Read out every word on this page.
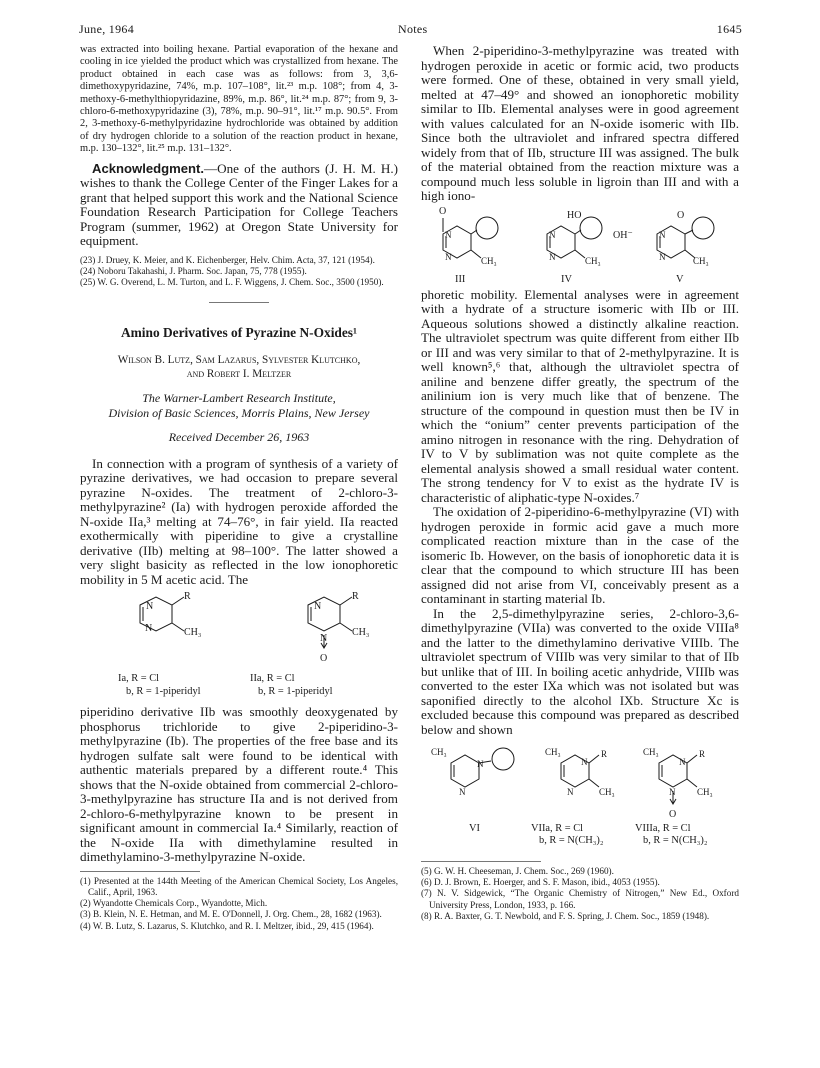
June, 1964	Notes	1645

was extracted into boiling hexane. Partial evaporation of the hexane and cooling in ice yielded the product which was crystallized from hexane. The product obtained in each case was as follows: from 3, 3,6-dimethoxypyridazine, 74%, m.p. 107–108°, lit.²³ m.p. 108°; from 4, 3-methoxy-6-methylthiopyridazine, 89%, m.p. 86°, lit.²⁴ m.p. 87°; from 9, 3-chloro-6-methoxypyridazine (3), 78%, m.p. 90–91°, lit.¹⁷ m.p. 90.5°. From 2, 3-methoxy-6-methylpyridazine hydrochloride was obtained by addition of dry hydrogen chloride to a solution of the reaction product in hexane, m.p. 130–132°, lit.²⁵ m.p. 131–132°.

Acknowledgment.—One of the authors (J. H. M. H.) wishes to thank the College Center of the Finger Lakes for a grant that helped support this work and the National Science Foundation Research Participation for College Teachers Program (summer, 1962) at Oregon State University for equipment.

(23) J. Druey, K. Meier, and K. Eichenberger, Helv. Chim. Acta, 37, 121 (1954).

(24) Noboru Takahashi, J. Pharm. Soc. Japan, 75, 778 (1955).

(25) W. G. Overend, L. M. Turton, and L. F. Wiggens, J. Chem. Soc., 3500 (1950).

Amino Derivatives of Pyrazine N-Oxides¹

Wilson B. Lutz, Sam Lazarus, Sylvester Klutchko,

and Robert I. Meltzer

The Warner-Lambert Research Institute,

Division of Basic Sciences, Morris Plains, New Jersey

Received December 26, 1963

In connection with a program of synthesis of a variety of pyrazine derivatives, we had occasion to prepare several pyrazine N-oxides. The treatment of 2-chloro-3-methylpyrazine² (Ia) with hydrogen peroxide afforded the N-oxide IIa,³ melting at 74–76°, in fair yield. IIa reacted exothermically with piperidine to give a crystalline derivative (IIb) melting at 98–100°. The latter showed a very slight basicity as reflected in the low ionophoretic mobility in 5 M acetic acid. The

N
R
N	CH₃
N
R
N
CH₃
O
Ia, R = Cl
b, R = 1-piperidyl
IIa, R = Cl
b, R = 1-piperidyl

piperidino derivative IIb was smoothly deoxygenated by phosphorus trichloride to give 2-piperidino-3-methylpyrazine (Ib). The properties of the free base and its hydrogen sulfate salt were found to be identical with authentic materials prepared by a different route.⁴ This shows that the N-oxide obtained from commercial 2-chloro-3-methylpyrazine has structure IIa and is not derived from 2-chloro-6-methylpyrazine known to be present in significant amount in commercial Ia.⁴ Similarly, reaction of the N-oxide IIa with dimethylamine resulted in dimethylamino-3-methylpyrazine N-oxide.

(1) Presented at the 144th Meeting of the American Chemical Society, Los Angeles, Calif., April, 1963.

(2) Wyandotte Chemicals Corp., Wyandotte, Mich.

(3) B. Klein, N. E. Hetman, and M. E. O'Donnell, J. Org. Chem., 28, 1682 (1963).

(4) W. B. Lutz, S. Lazarus, S. Klutchko, and R. I. Meltzer, ibid., 29, 415 (1964).

When 2-piperidino-3-methylpyrazine was treated with hydrogen peroxide in acetic or formic acid, two products were formed. One of these, obtained in very small yield, melted at 47–49° and showed an ionophoretic mobility similar to IIb. Elemental analyses were in good agreement with values calculated for an N-oxide isomeric with IIb. Since both the ultraviolet and infrared spectra differed widely from that of IIb, structure III was assigned. The bulk of the material obtained from the reaction mixture was a compound much less soluble in ligroin than III and with a high iono-

O
N
N	CH₃
HO
N
N	CH₃
OH⁻
O
N
N	CH₃
III	IV	V

phoretic mobility. Elemental analyses were in agreement with a hydrate of a structure isomeric with IIb or III. Aqueous solutions showed a distinctly alkaline reaction. The ultraviolet spectrum was quite different from either IIb or III and was very similar to that of 2-methylpyrazine. It is well known⁵,⁶ that, although the ultraviolet spectra of aniline and benzene differ greatly, the spectrum of the anilinium ion is very much like that of benzene. The structure of the compound in question must then be IV in which the “onium” center prevents participation of the amino nitrogen in resonance with the ring. Dehydration of IV to V by sublimation was not quite complete as the elemental analysis showed a small residual water content. The strong tendency for V to exist as the hydrate IV is characteristic of aliphatic-type N-oxides.⁷

The oxidation of 2-piperidino-6-methylpyrazine (VI) with hydrogen peroxide in formic acid gave a much more complicated reaction mixture than in the case of the isomeric Ib. However, on the basis of ionophoretic data it is clear that the compound to which structure III has been assigned did not arise from VI, conceivably present as a contaminant in starting material Ib.

In the 2,5-dimethylpyrazine series, 2-chloro-3,6-dimethylpyrazine (VIIa) was converted to the oxide VIIIa⁸ and the latter to the dimethylamino derivative VIIIb. The ultraviolet spectrum of VIIIb was very similar to that of IIb but unlike that of III. In boiling acetic anhydride, VIIIb was converted to the ester IXa which was not isolated but was saponified directly to the alcohol IXb. Structure Xc is excluded because this compound was prepared as described below and shown

CH₃
N
N
CH₃
N
R
N	CH₃
CH₃
N
R
N CH₃
O
VI	VIIa, R = Cl
b, R = N(CH₃)₂
VIIIa, R = Cl
b, R = N(CH₃)₂

(5) G. W. H. Cheeseman, J. Chem. Soc., 269 (1960).

(6) D. J. Brown, E. Hoerger, and S. F. Mason, ibid., 4053 (1955).

(7) N. V. Sidgewick, “The Organic Chemistry of Nitrogen,” New Ed., Oxford University Press, London, 1933, p. 166.

(8) R. A. Baxter, G. T. Newbold, and F. S. Spring, J. Chem. Soc., 1859 (1948).
